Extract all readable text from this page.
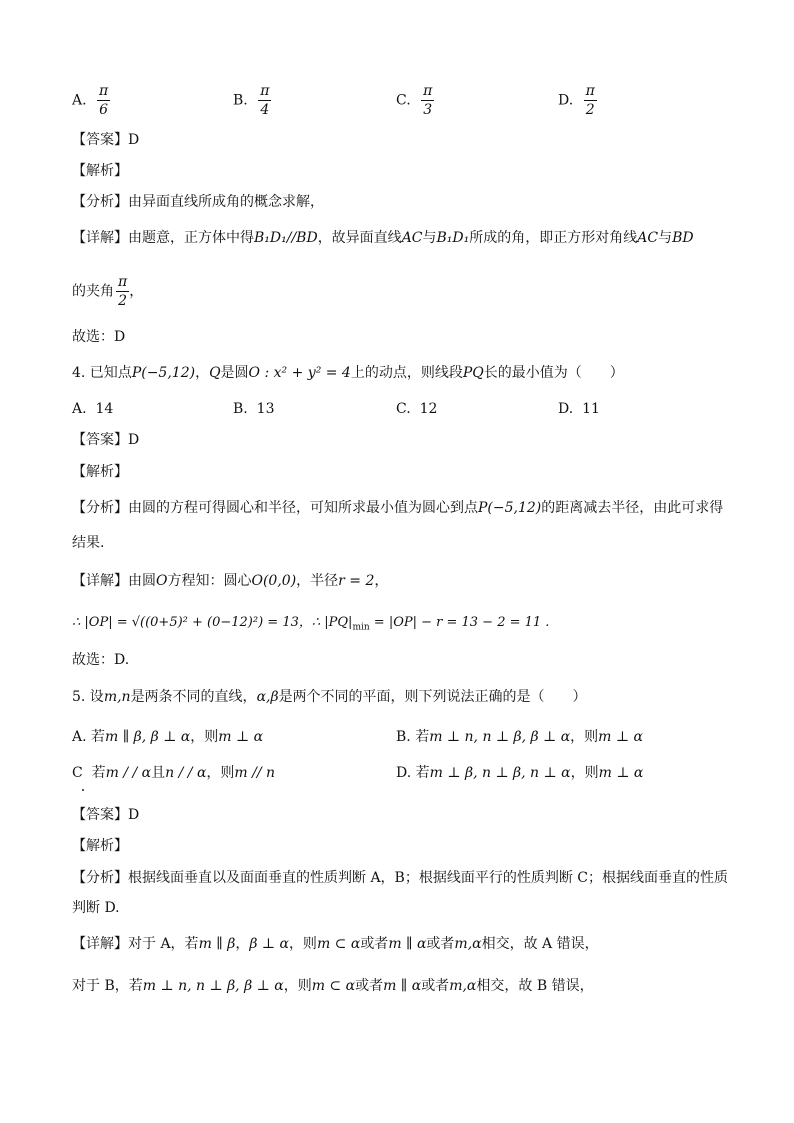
A. $\frac{\pi}{6}$	B. $\frac{\pi}{4}$	C. $\frac{\pi}{3}$	D. $\frac{\pi}{2}$
【答案】D
【解析】
【分析】由异面直线所成角的概念求解，
【详解】由题意，正方体中得B₁D₁//BD，故异面直线AC与B₁D₁所成的角，即正方形对角线AC与BD
的夹角 $\frac{\pi}{2}$ ，
故选：D
4. 已知点P(−5,12)，Q是圆O : x² + y² = 4上的动点，则线段PQ长的最小值为（　　）
A. 14	B. 13	C. 12	D. 11
【答案】D
【解析】
【分析】由圆的方程可得圆心和半径，可知所求最小值为圆心到点P(−5,12)的距离减去半径，由此可求得
结果.
【详解】由圆O方程知：圆心O(0,0)，半径r = 2，
∴ |OP| = √((0+5)² + (0−12)²) = 13，∴ $|PQ|_{min} = |OP| - r = 13 - 2 = 11$ .
故选：D.
5. 设m,n是两条不同的直线，α,β是两个不同的平面，则下列说法正确的是（　　）
A. 若m ∥ β, β ⊥ α，则m ⊥ α	B. 若m ⊥ n, n ⊥ β, β ⊥ α，则m ⊥ α
C 若m / / α且n / / α，则m // n	D. 若m ⊥ β, n ⊥ β, n ⊥ α，则m ⊥ α
【答案】D
【解析】
【分析】根据线面垂直以及面面垂直的性质判断 A，B；根据线面平行的性质判断 C；根据线面垂直的性质
判断 D.
【详解】对于 A，若m ∥ β，β ⊥ α，则m ⊂ α或者m ∥ α或者m,α相交，故 A 错误，
对于 B，若m ⊥ n, n ⊥ β, β ⊥ α，则m ⊂ α或者m ∥ α或者m,α相交，故 B 错误，
